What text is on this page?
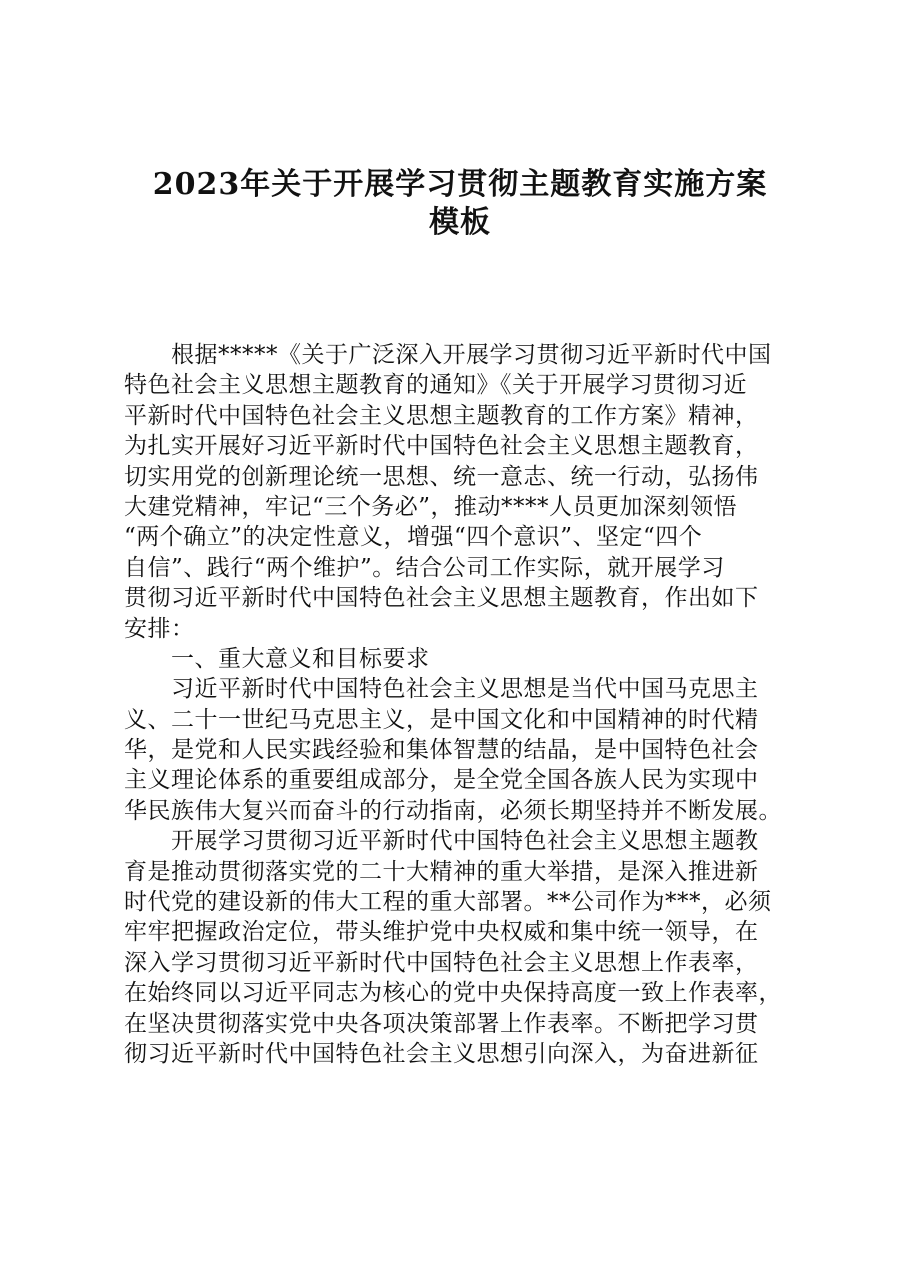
2023年关于开展学习贯彻主题教育实施方案
模板
根据*****《关于广泛深入开展学习贯彻习近平新时代中国
特色社会主义思想主题教育的通知》《关于开展学习贯彻习近
平新时代中国特色社会主义思想主题教育的工作方案》精神，
为扎实开展好习近平新时代中国特色社会主义思想主题教育，
切实用党的创新理论统一思想、统一意志、统一行动，弘扬伟
大建党精神，牢记“三个务必”，推动****人员更加深刻领悟
“两个确立”的决定性意义，增强“四个意识”、坚定“四个
自信”、践行“两个维护”。结合公司工作实际，就开展学习
贯彻习近平新时代中国特色社会主义思想主题教育，作出如下
安排：
一、重大意义和目标要求
习近平新时代中国特色社会主义思想是当代中国马克思主
义、二十一世纪马克思主义，是中国文化和中国精神的时代精
华，是党和人民实践经验和集体智慧的结晶，是中国特色社会
主义理论体系的重要组成部分，是全党全国各族人民为实现中
华民族伟大复兴而奋斗的行动指南，必须长期坚持并不断发展。
开展学习贯彻习近平新时代中国特色社会主义思想主题教
育是推动贯彻落实党的二十大精神的重大举措，是深入推进新
时代党的建设新的伟大工程的重大部署。**公司作为***，必须
牢牢把握政治定位，带头维护党中央权威和集中统一领导，在
深入学习贯彻习近平新时代中国特色社会主义思想上作表率，
在始终同以习近平同志为核心的党中央保持高度一致上作表率，
在坚决贯彻落实党中央各项决策部署上作表率。不断把学习贯
彻习近平新时代中国特色社会主义思想引向深入，为奋进新征
